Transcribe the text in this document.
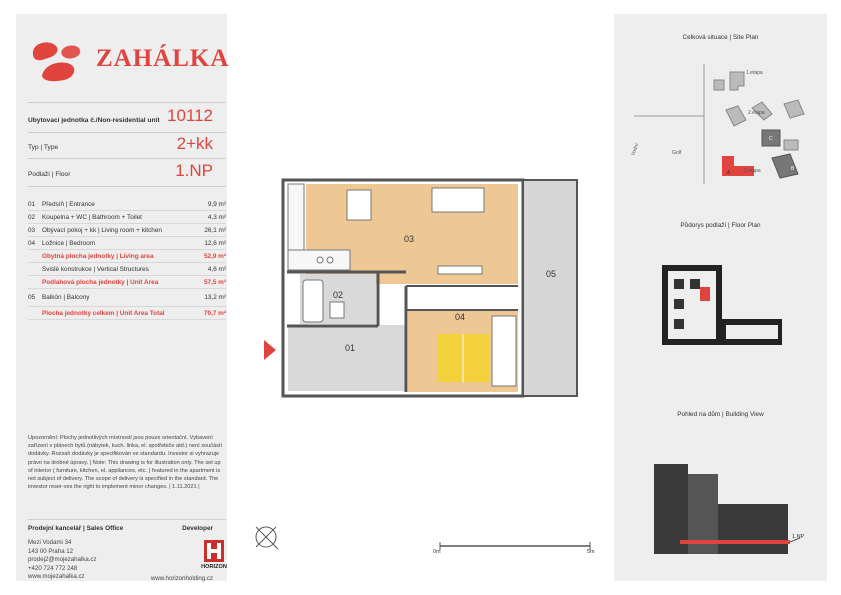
ZAHÁLKA
Ubytovací jednotka č./Non-residential unit 10112
Typ | Type	2+kk
Podlaží | Floor	1.NP
01	Předsíň | Entrance	9,9 m²
02	Koupelna + WC | Bathroom + Toilet	4,3 m²
03	Obývací pokoj + kk | Living room + kitchen	26,1 m²
04	Ložnice | Bedroom	12,6 m²
	Obytná plocha jednotky | Living area	52,9 m²
	Svislé konstrukce | Vertical Structures	4,6 m²
	Podlahová plocha jednotky | Unit Area	57,5 m²
05	Balkón | Balcony	13,2 m²
	Plocha jednotky celkem | Unit Area Total	70,7 m²
Upozornění: Plochy jednotlivých místností jsou pouze orientační. Vybavení zařízení v plánech bytů (nábytek, kuch. linka, el. spotřebiče atd.) není součástí dodávky. Rozsah dodávky je specifikován ve standardu. Investor si vyhrazuje právo na drobné úpravy. | Note: This drawing is for illustration only. The set up of interior ( furniture, kitchen, el. appliances, etc. ) featured in the apartment is not subject of delivery. The scope of delivery is specified in the standard. The investor reser-ves the right to implement minor changes. | 1.11.2021 |
Prodejní kancelář | Sales Office	Developer
Mezi Vodami 34
143 00 Praha 12
prodej2@mojezahalka.cz
+420 724 772 248
www.mojezahalka.cz
HORIZON
www.horizonholding.cz
0m	5m
03
02
01
04
05
Celková situace | Site Plan
1.etapa
2.etapa
3.etapa
Golf
Vodní
A
B
C
Půdorys podlaží | Floor Plan
Pohled na dům | Building View
1.NP
